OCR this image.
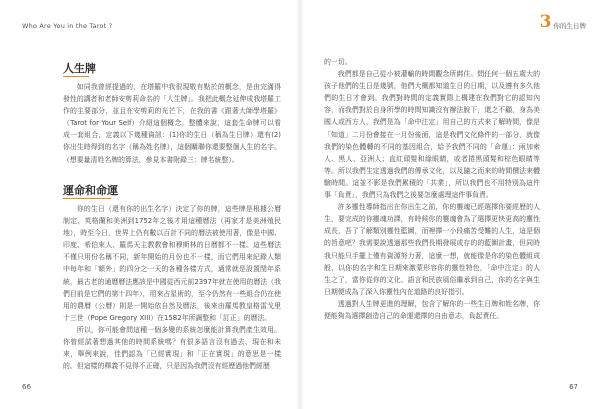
Who Are You in the Tarot ?
人生牌

如同我曾經提過的，在塔羅中我很現敬有點於的概念，是由完滿得發性的講者和老師安剪莉命名的「人生牌」。我把此概念延伸成我塔羅工作的主要部分，並且在安剪莉的光芒下，在我的書《跟著大師學塔羅》（Tarot for Your Self）介紹這個概念。整體來說，這套生命牌可以看成一套組合，定義以下幾種資訊：(1)你的生日（稱為生日牌）還有(2)你出生時得到的名字（稱為姓名牌），這個關聯你還要整個人生的名字。（想要量清姓名牌的算法，參見本書附錄三：牌名統整）。

運命和命運

你的生日（還有你的出生名字）決定了你的牌，這些牌是根據公曆制定，英格蘭和美洲到1752年之後才用這種曆法（再家才是美洲殖民地），時至今日，世界上仍有數以百計不同的曆法被使用著，像是中國、印度、希伯來人、羅馬天主教教會和穆斯林的日曆都不一樣。這些曆法不僅只用份名稱不同，新年開始的月份也不一樣，而它們用來紀錄人類中每年和「額外」的四分之一天的各種各樣方式，通常就是設置閏年系統，最古老的通曆曆法應該是中國從西元前2397年就在使用的曆法（我們目前是它們的第十四年），用來占星術的，至今仍然有一些組合仍在使用的農曆（公曆）則是一開始依自然及曆法，後來由羅馬教皇格雷戈里十三世（Pope Gregory XIII）在1582年所調整和「訂正」的曆法。

所以，你可能會問這種一個多變的系統怎麼能計算我們產生效用。你曾經試著想過其他的時間系統嗎？有很多語言沒有過去、現在和未來，舉例來說，佳們認為「已經實現」和「正在實現」的意思是一樣的。但這樣的釋義不見得不正確，只是因為我們沒有經歷過他們經歷

66
3 你的生日牌

的一切。

我們都是自己從小被灌輸的時間觀念所綁住。問任何一個五歲大的孩子他們的生日是幾號，他們大概都知道生日的日期，以及遵有多久他們的生日才會到。我們對時間的定義實際上構建在我們對它的認知內容，而我們對於自身所學的時間知識沒有辦法脫下，還之不顧，身為美國人或西方人，我們是為「命中注定」用自己的方式來了解時間，像是「知道」二月份會接在一月份後面，這是我們文化條件的一部分，就像我們的染色體轉的不同的基因組合，給予我們不同的「命運」：兩加索人、黑人、亞洲人；直紅頭髮和綠眼睛，或者捲黑頭髮和棕色眼睛等等。所以我們生定透過我們的傳承文化，以及隨之而來的時間價法來體驗時間。這並不影是我們累積的「共業」，所以我們也不用特別為這件事「負責」，我們只為我們之後要怎麼處理這件事負責。

許多靈性導師指出在你出生之前，你的靈魂已經選擇你要經歷的人生，要完成的你靈魂功課，有時候你的靈魂會為了選擇更快更高的靈性成長，吾了了解類別靈性藍圖，而裡擇一小段痛苦受難的人生，這是個的旨意吧？我需要說透過那些我們長期發展或存的的藍圖計畫，但同時我只能只手擺上僅有資源努力著，這麼一想，就能像是你的染色體組成般，以你的名字和生日期來激蒙形容你的靈性特色，「命中注定」的人生之了，當你從你的文化、語言和民族風俗繼承到自己，你的名字與生日期便成為了深入你靈性內在道路的良好指引。

透過對人生牌更進的理解，包含了解你的一些生日牌和姓名牌，你便能夠為選擇創造自己的命運還擇的自由意志，負起責任。

67
